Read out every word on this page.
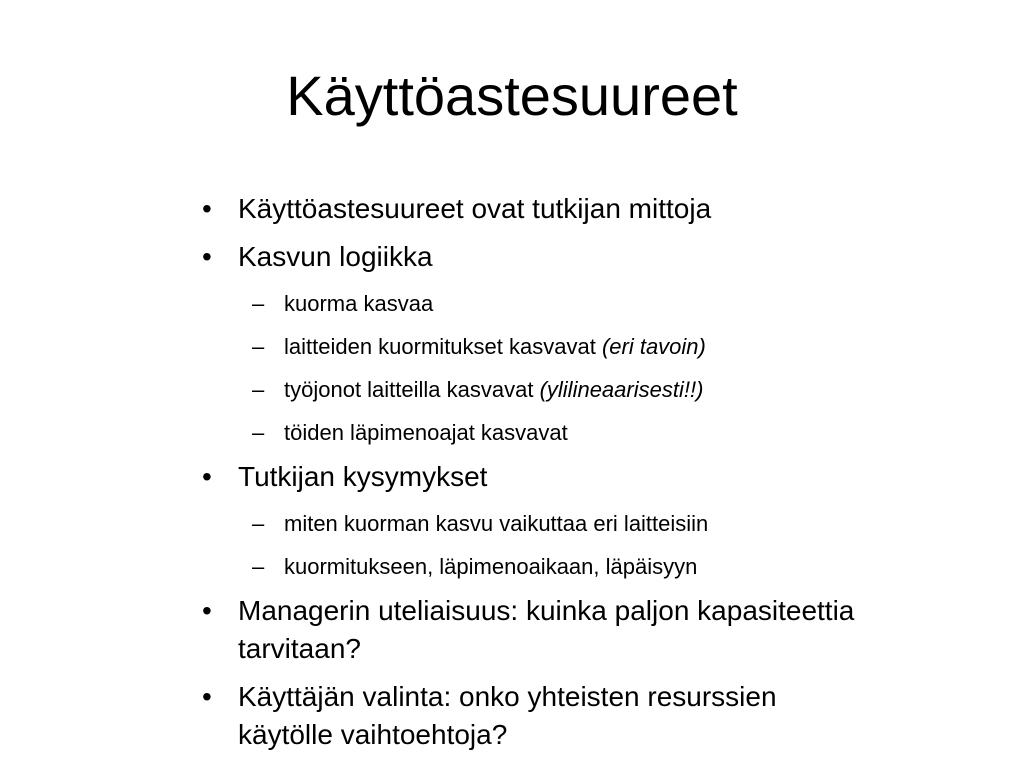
Käyttöastesuureet
• Käyttöastesuureet ovat tutkijan mittoja
• Kasvun logiikka
– kuorma kasvaa
– laitteiden kuormitukset kasvavat (eri tavoin)
– työjonot laitteilla kasvavat (ylilineaarisesti!!)
– töiden läpimenoajat kasvavat
• Tutkijan kysymykset
– miten kuorman kasvu vaikuttaa eri laitteisiin
– kuormitukseen, läpimenoaikaan, läpäisyyn
• Managerin uteliaisuus: kuinka paljon kapasiteettia tarvitaan?
• Käyttäjän valinta: onko yhteisten resurssien käytölle vaihtoehtoja?
